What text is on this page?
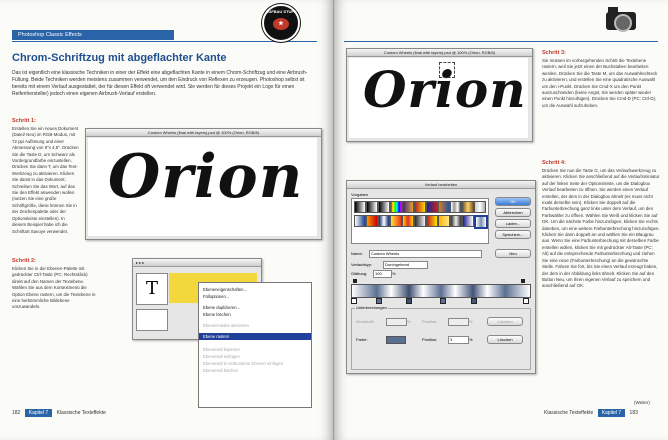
Photoshop Classic Effects
AUFBAU STUFE
★
Chrom-Schriftzug mit abgeflachter Kante
Das ist eigentlich eine klassische Techniken in einer der Effekt eine abgeflachten Kante in einem Chrom-Schriftzug und eine Airbrush-Füllung. Beide Techniken werden meistens zusammen verwendet, um den Eindruck von Reflexen zu erzeugen. Photoshop selbst ist bereits mit einem Verlauf ausgestattet, der für diesen Effekt oft verwendet wird. Sie werden für dieses Projekt ein Logo für einen Reifenhersteller) jedoch einen eigenen Airbrush-Verlauf erstellen.
Schritt 1:
Erstellen Sie ein neues Dokument (Datei/ Neu) im RGB-Modus, mit 72 ppi Auflösung und einer Abmessung von 9"x 4,5". Drücken Sie die Taste D, um Schwarz als Vordergrundfarbe einzustellen. Drücken Sie dann T, um das Text-Werkzeug zu aktivieren. Klicken Sie damit in das Dokument; Schreiben Sie das Wort, auf das Sie den Effekt anwenden wollen (nutzen Sie eine große Schriftgröße, diese können Sie in der Zeichenpalette oder der Optionsleiste einstellen). In diesem Beispiel habe ich die Schriftart Savoye verwendet.
Custom Wheels (final with layers).psd @ 100% (Orion, RGB/8)
Orion
Schritt 2:
Klicken Sie in der Ebenen-Palette mit gedrückter Ctrl-Taste (PC: Rechtsklick) direkt auf den Namen der Textebene. Wählen Sie aus dem Kontextmenü die Option Ebene rastern, um die Textebene in eine herkömmliche Bildebene umzuwandeln.
▸ ▸ ▸
T	Ebeneneigenschaften...
Fülloptionen...
Ebene duplizieren...
Ebene löschen
Ebenenmaske aktivieren
Ebene rastern
Ebenenstil kopieren
Ebenenstil einfügen
Ebenenstil in verbundene Ebenen einfügen
Ebenenstil löschen
182 Kapitel 7 Klassische Texteffekte
Custom Wheels (final with layers).psd @ 100% (Orion, RGB/8)
Orion
Schritt 3:
Sie müssen im vorhergehenden Schritt die Textebene rastern, weil Sie jetzt einen der Buchstaben bearbeiten werden. Drücken Sie die Taste M, um das Auswahlrechteck zu aktivieren, und erstellen Sie eine quadratische Auswahl um den i-Punkt. Drücken Sie Cmd-X um den Punkt auszuschneiden (keine Angst, Sie werden später wieder einen Punkt hinzufügen). Drücken Sie Cmd-D (PC: Ctrl-D), um die Auswahl aufzuheben.
Schritt 4:
Drücken Sie nun die Taste G, um das Verlaufswerkzeug zu aktivieren. Klicken Sie anschließend auf die Verlaufsminiatur auf der linken Seite der Optionsleiste, um die Dialogbox Verlauf bearbeiten zu öffnen. Sie werden einen Verlauf erstellen, der dem in der Dialogbox ähnelt (es muss nicht exakt derselbe sein). Klicken Sie doppelt auf die Farbunterbrechung ganz links unter dem Verlauf, um den Farbwähler zu öffnen. Wählen Sie Weiß und klicken Sie auf OK. Um die nächste Farbe hinzuzufügen, klicken Sie rechts daneben, um eine weitere Farbunterbrechung hinzuzufügen. Klicken Sie dann doppelt an und wählen Sie ein Blaugrau aus. Wenn Sie eine Farbunterbrechung mit derselben Farbe erstellen wollen, klicken Sie mit gedrückter Alt-Taste (PC: Alt) auf die entsprechende Farbunterbrechung und ziehen Sie eine neue (Farbunterbrechung) an die gewünschte Stelle. Fahren Sie fort, bis Sie einen Verlauf erzeugt haben, der dem in der Abbildung links ähnelt. Klicken Sie auf den Button Neu, um Ihren eigenen Verlauf zu speichern und anschließend auf OK.
Verlauf bearbeiten
Vorgaben
OK
Abbrechen
Laden...
Speichern...
Name:	Custom Wheels	Neu
Verlaufstyp:	Durchgehend
Glättung:	100	%
Unterbrechungen
Deckkraft:	%	Position:	%	Löschen
Farbe:	Position:	3	%	Löschen
(Weiter)
Klassische Texteffekte Kapitel 7 183
